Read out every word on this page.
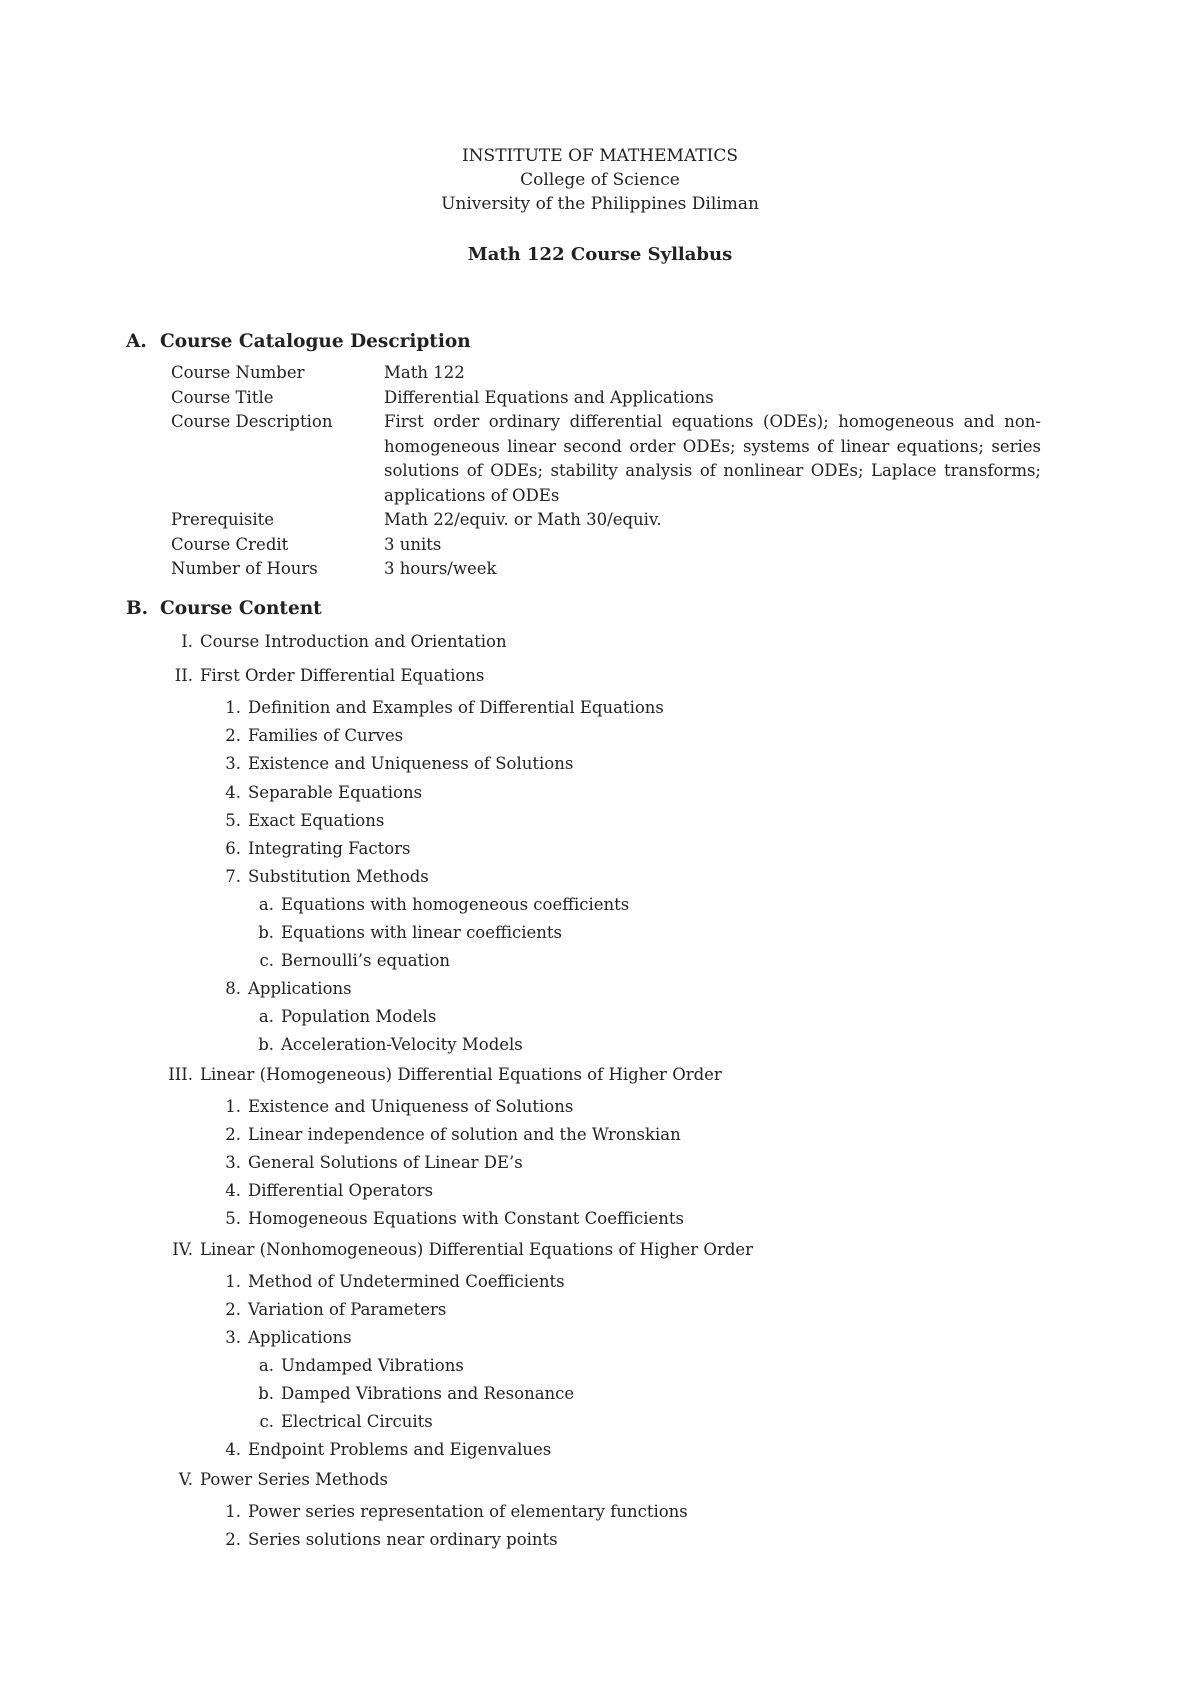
INSTITUTE OF MATHEMATICS
College of Science
University of the Philippines Diliman
Math 122 Course Syllabus
A. Course Catalogue Description
Course Number	Math 122
Course Title	Differential Equations and Applications
Course Description	First order ordinary differential equations (ODEs); homogeneous and non-homogeneous linear second order ODEs; systems of linear equations; series solutions of ODEs; stability analysis of nonlinear ODEs; Laplace transforms; applications of ODEs
Prerequisite	Math 22/equiv. or Math 30/equiv.
Course Credit	3 units
Number of Hours	3 hours/week
B. Course Content
I. Course Introduction and Orientation
II. First Order Differential Equations
1. Definition and Examples of Differential Equations
2. Families of Curves
3. Existence and Uniqueness of Solutions
4. Separable Equations
5. Exact Equations
6. Integrating Factors
7. Substitution Methods
a. Equations with homogeneous coefficients
b. Equations with linear coefficients
c. Bernoulli’s equation
8. Applications
a. Population Models
b. Acceleration-Velocity Models
III. Linear (Homogeneous) Differential Equations of Higher Order
1. Existence and Uniqueness of Solutions
2. Linear independence of solution and the Wronskian
3. General Solutions of Linear DE’s
4. Differential Operators
5. Homogeneous Equations with Constant Coefficients
IV. Linear (Nonhomogeneous) Differential Equations of Higher Order
1. Method of Undetermined Coefficients
2. Variation of Parameters
3. Applications
a. Undamped Vibrations
b. Damped Vibrations and Resonance
c. Electrical Circuits
4. Endpoint Problems and Eigenvalues
V. Power Series Methods
1. Power series representation of elementary functions
2. Series solutions near ordinary points
